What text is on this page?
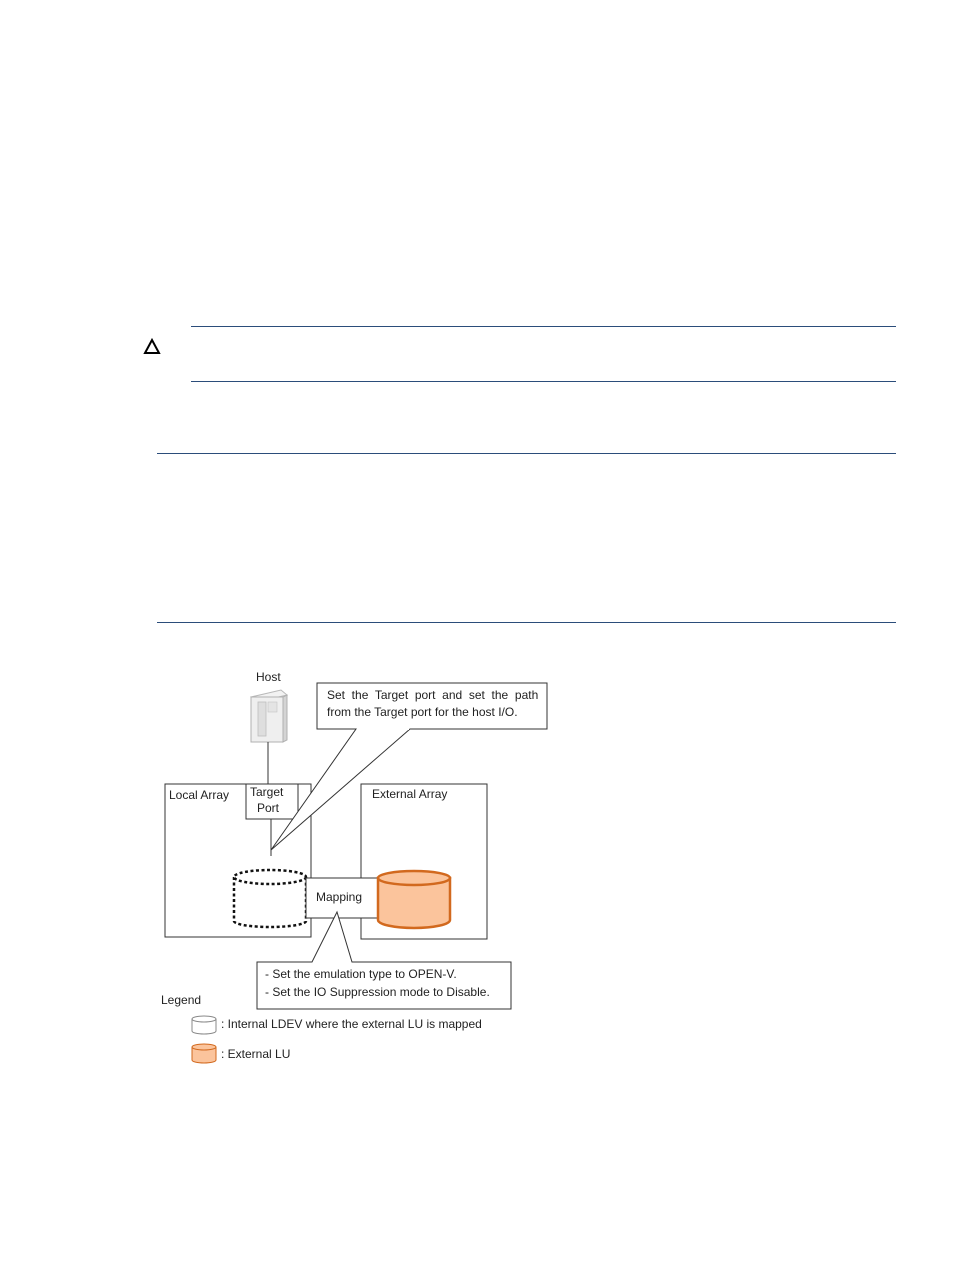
Host
Local Array Target
Port
Set  the  Target  port  and  set  the  path
from the Target port for the host I/O.
External Array
Mapping
- Set the emulation type to OPEN-V.
- Set the IO Suppression mode to Disable.
Legend
: Internal LDEV where the external LU is mapped
: External LU
